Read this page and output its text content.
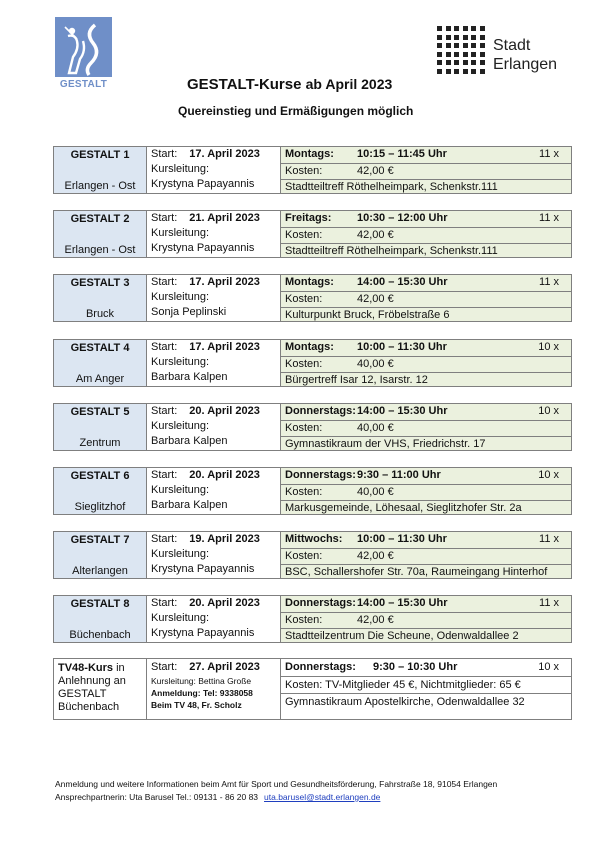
GESTALT
Stadt
Erlangen
GESTALT-Kurse ab April 2023
Quereinstieg und Ermäßigungen möglich
GESTALT 1
Erlangen - Ost
Start: 17. April 2023
Kursleitung:
Krystyna Papayannis
Montags: 10:15 – 11:45 Uhr	11 x
Kosten:	42,00 €
Stadtteiltreff Röthelheimpark, Schenkstr.111
GESTALT 2
Erlangen - Ost
Start: 21. April 2023
Kursleitung:
Krystyna Papayannis
Freitags: 10:30 – 12:00 Uhr	11 x
Kosten:	42,00 €
Stadtteiltreff Röthelheimpark, Schenkstr.111
GESTALT 3
Bruck
Start: 17. April 2023
Kursleitung:
Sonja Peplinski
Montags: 14:00 – 15:30 Uhr	11 x
Kosten:	42,00 €
Kulturpunkt Bruck, Fröbelstraße 6
GESTALT 4
Am Anger
Start: 17. April 2023
Kursleitung:
Barbara Kalpen
Montags: 10:00 – 11:30 Uhr	10 x
Kosten:	40,00 €
Bürgertreff Isar 12, Isarstr. 12
GESTALT 5
Zentrum
Start: 20. April 2023
Kursleitung:
Barbara Kalpen
Donnerstags:14:00 – 15:30 Uhr	10 x
Kosten:	40,00 €
Gymnastikraum der VHS, Friedrichstr. 17
GESTALT 6
Sieglitzhof
Start: 20. April 2023
Kursleitung:
Barbara Kalpen
Donnerstags:9:30 – 11:00 Uhr	10 x
Kosten:	40,00 €
Markusgemeinde, Löhesaal, Sieglitzhofer Str. 2a
GESTALT 7
Alterlangen
Start: 19. April 2023
Kursleitung:
Krystyna Papayannis
Mittwochs: 10:00 – 11:30 Uhr	11 x
Kosten:	42,00 €
BSC, Schallershofer Str. 70a, Raumeingang Hinterhof
GESTALT 8
Büchenbach
Start: 20. April 2023
Kursleitung:
Krystyna Papayannis
Donnerstags:14:00 – 15:30 Uhr	11 x
Kosten:	42,00 €
Stadtteilzentrum Die Scheune, Odenwaldallee 2
TV48-Kurs in Anlehnung an GESTALT Büchenbach
Start: 27. April 2023
Kursleitung: Bettina Große
Anmeldung: Tel: 9338058
Beim TV 48, Fr. Scholz
Donnerstags: 9:30 – 10:30 Uhr	10 x
Kosten: TV-Mitglieder 45 €, Nichtmitglieder: 65 €
Gymnastikraum Apostelkirche, Odenwaldallee 32
Anmeldung und weitere Informationen beim Amt für Sport und Gesundheitsförderung, Fahrstraße 18, 91054 Erlangen
Ansprechpartnerin: Uta Barusel Tel.: 09131 - 86 20 83 uta.barusel@stadt.erlangen.de
